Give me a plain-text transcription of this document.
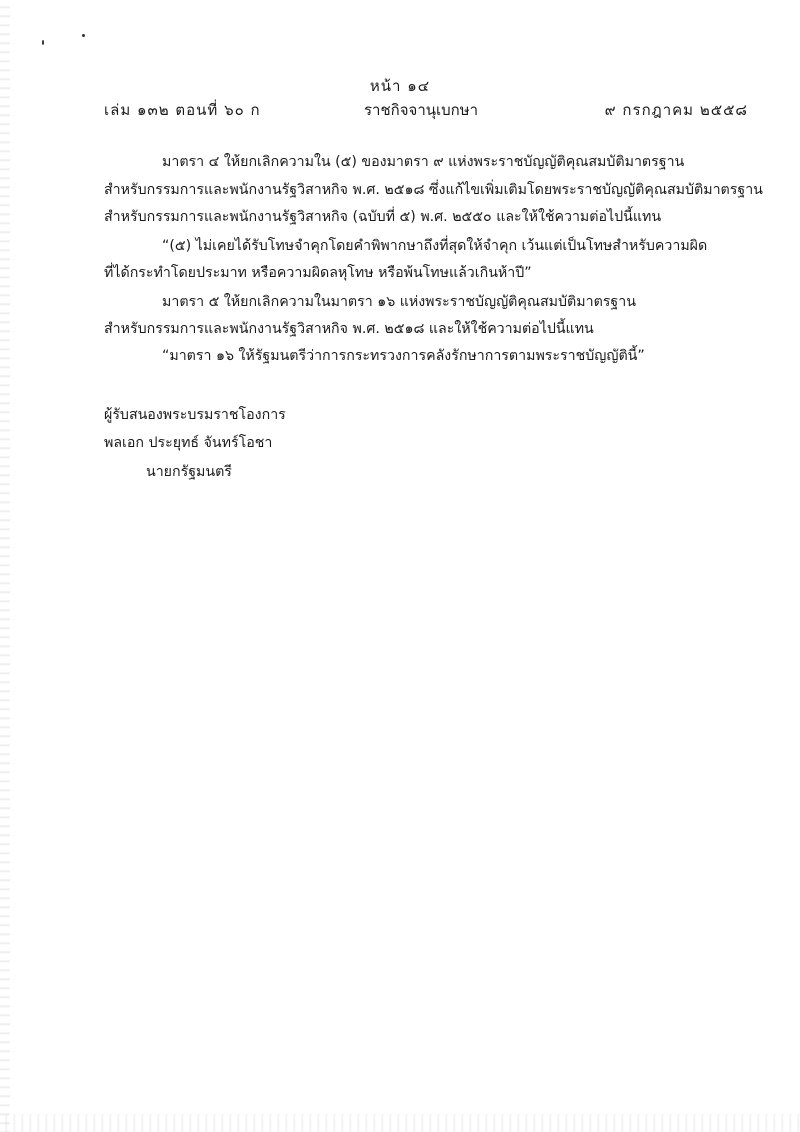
หน้า ๑๔
เล่ม ๑๓๒ ตอนที่ ๖๐ ก	ราชกิจจานุเบกษา	๙ กรกฎาคม ๒๕๕๘
มาตรา ๔ ให้ยกเลิกความใน (๕) ของมาตรา ๙ แห่งพระราชบัญญัติคุณสมบัติมาตรฐาน
สำหรับกรรมการและพนักงานรัฐวิสาหกิจ พ.ศ. ๒๕๑๘ ซึ่งแก้ไขเพิ่มเติมโดยพระราชบัญญัติคุณสมบัติมาตรฐาน
สำหรับกรรมการและพนักงานรัฐวิสาหกิจ (ฉบับที่ ๕) พ.ศ. ๒๕๕๐ และให้ใช้ความต่อไปนี้แทน
“(๕) ไม่เคยได้รับโทษจำคุกโดยคำพิพากษาถึงที่สุดให้จำคุก เว้นแต่เป็นโทษสำหรับความผิด
ที่ได้กระทำโดยประมาท หรือความผิดลหุโทษ หรือพ้นโทษแล้วเกินห้าปี”
มาตรา ๕ ให้ยกเลิกความในมาตรา ๑๖ แห่งพระราชบัญญัติคุณสมบัติมาตรฐาน
สำหรับกรรมการและพนักงานรัฐวิสาหกิจ พ.ศ. ๒๕๑๘ และให้ใช้ความต่อไปนี้แทน
“มาตรา ๑๖ ให้รัฐมนตรีว่าการกระทรวงการคลังรักษาการตามพระราชบัญญัตินี้”
ผู้รับสนองพระบรมราชโองการ
พลเอก ประยุทธ์ จันทร์โอชา
นายกรัฐมนตรี
